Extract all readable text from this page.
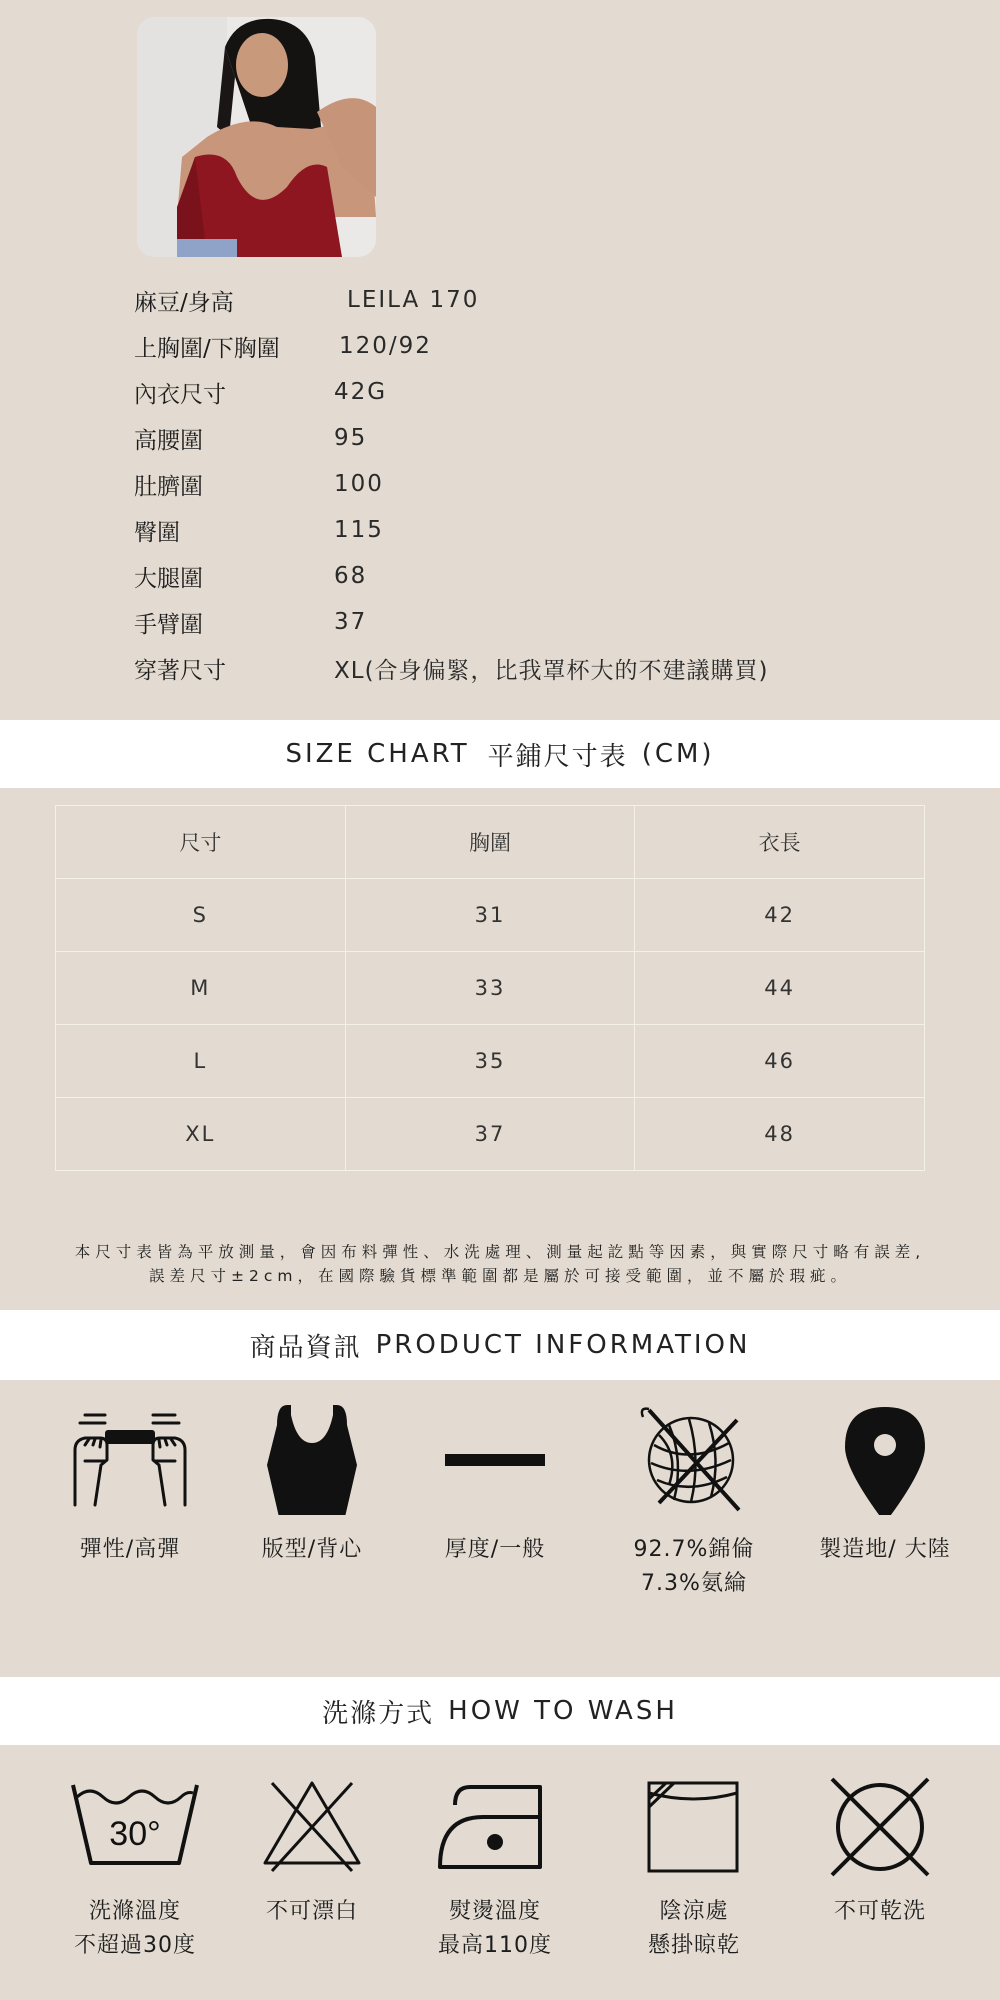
麻豆/身高	LEILA 170
上胸圍/下胸圍	120/92
內衣尺寸	42G
高腰圍	95
肚臍圍	100
臀圍	115
大腿圍	68
手臂圍	37
穿著尺寸	XL(合身偏緊，比我罩杯大的不建議購買)
SIZE CHART 平鋪尺寸表 (CM)
尺寸	胸圍	衣長
S	31	42
M	33	44
L	35	46
XL	37	48
本尺寸表皆為平放測量，會因布料彈性、水洗處理、測量起訖點等因素，與實際尺寸略有誤差,
誤差尺寸±2cm，在國際驗貨標準範圍都是屬於可接受範圍，並不屬於瑕疵。
商品資訊 PRODUCT INFORMATION
彈性/高彈	版型/背心	厚度/一般	92.7%錦倫
7.3%氨綸
製造地/ 大陸
洗滌方式 HOW TO WASH
30°
洗滌溫度
不超過30度
不可漂白	熨燙溫度
最高110度
陰涼處
懸掛晾乾
不可乾洗
